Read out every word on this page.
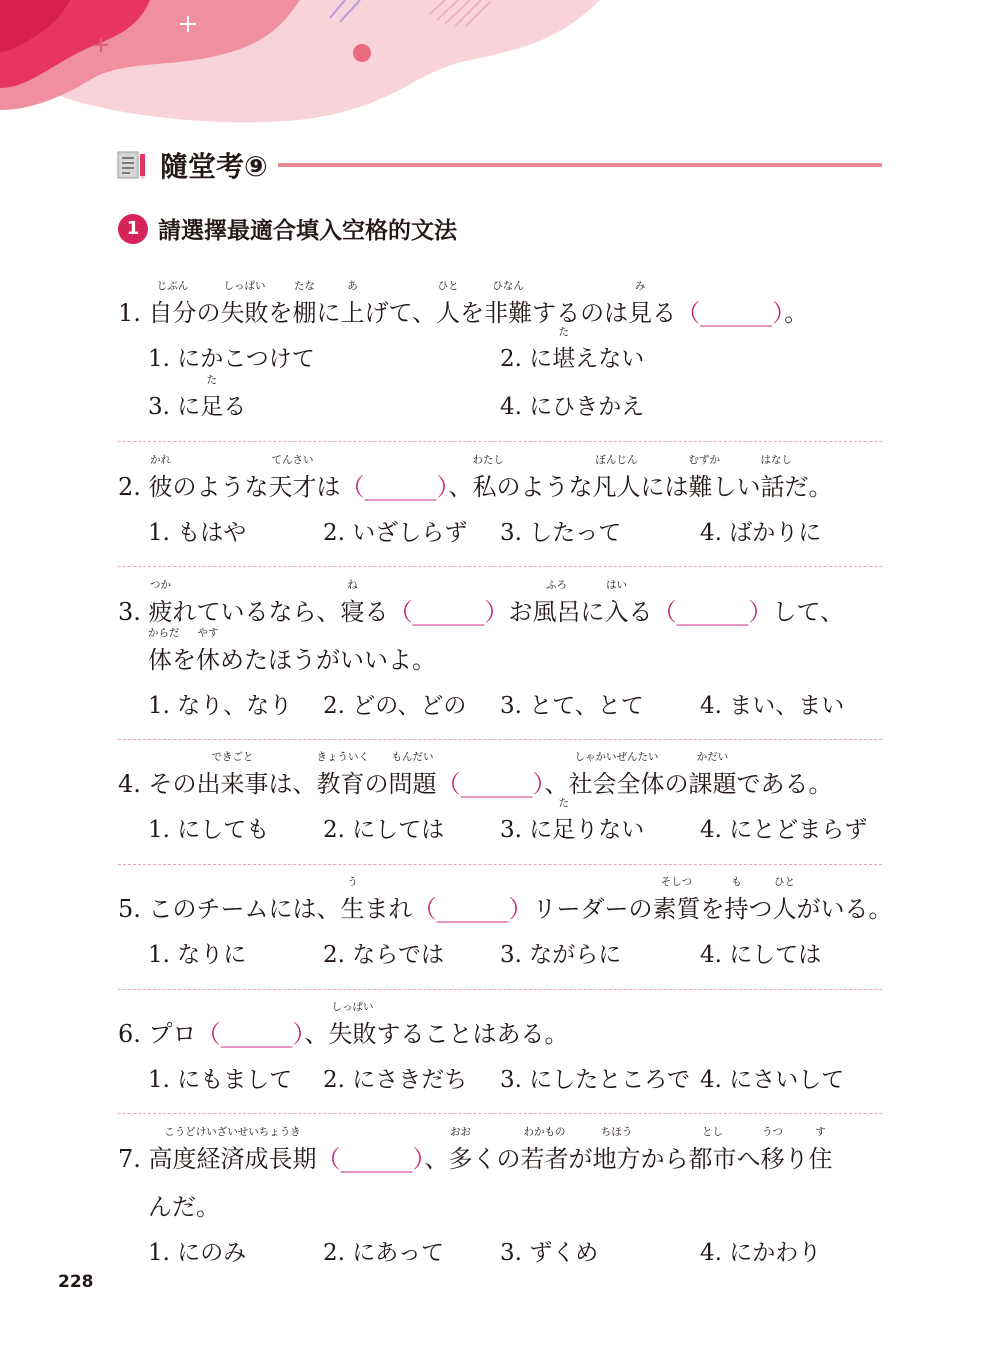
隨堂考⑨
1 請選擇最適合填入空格的文法
1. 自分
じぶん
の失敗
しっぱい
を棚
たな
に上
あ
げて、人
ひと
を非難
ひなん
するのは見
み
る（______）。
1. にかこつけて	2. に堪
た
えない
3. に足
た
る	4. にひきかえ
2. 彼
かれ
のような天才
てんさい
は（______）、私
わたし
のような凡人
ぼんじん
には難
むずか
しい話
はなし
だ。
1. もはや	2. いざしらず	3. したって	4. ばかりに
3. 疲
つか
れているなら、寝
ね
る（______）お風呂
ふろ
に入
はい
る（______）して、
体
からだ
を休
やす
めたほうがいいよ。
1. なり、なり	2. どの、どの	3. とて、とて	4. まい、まい
4. その出来事
できごと
は、教育
きょういく
の問題
もんだい
（______）、社会全体
しゃかいぜんたい
の課題
かだい
である。
1. にしても	2. にしては	3. に足
た
りない	4. にとどまらず
5. このチームには、生
う
まれ（______）リーダーの素質
そしつ
を持
も
つ人
ひと
がいる。
1. なりに	2. ならでは	3. ながらに	4. にしては
6. プロ（______）、失敗
しっぱい
することはある。
1. にもまして	2. にさきだち	3. にしたところで 4. にさいして
7. 高度経済成長期
こうどけいざいせいちょうき
（______）、多
おお
くの若者
わかもの
が地方
ちほう
から都市
とし
へ移
うつ
り住
す
んだ。
1. にのみ	2. にあって	3. ずくめ	4. にかわり
228
